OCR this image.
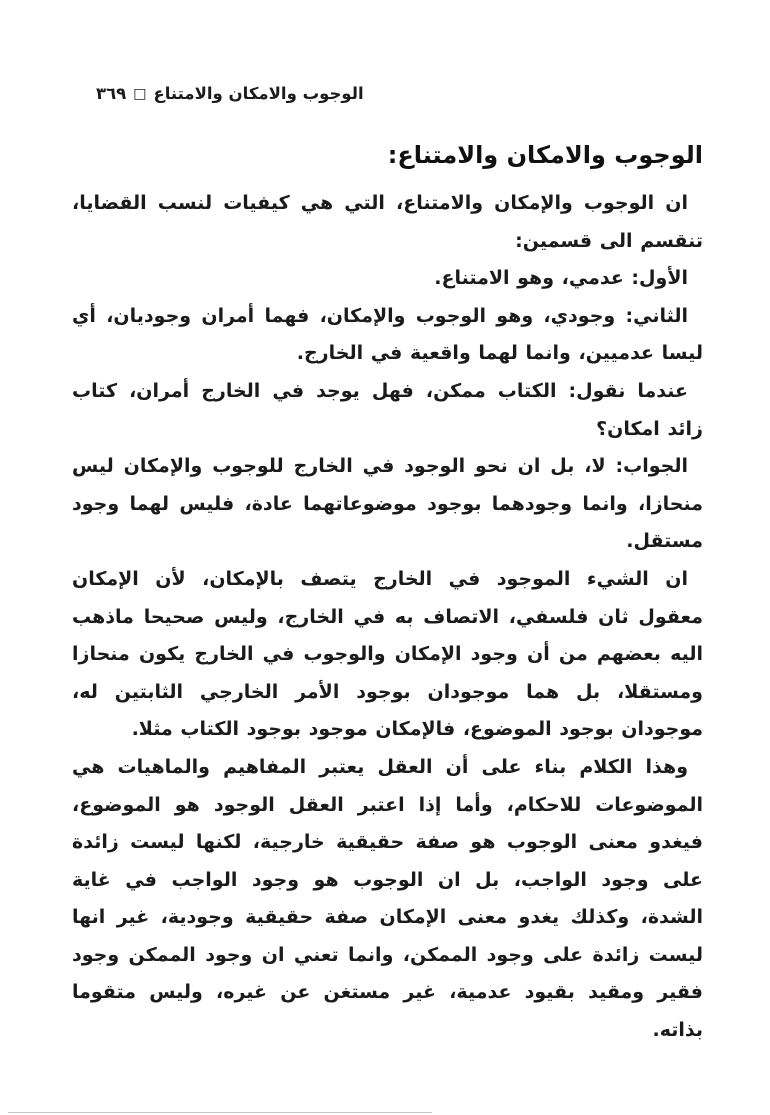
الوجوب والامكان والامتناع□٣٦٩
الوجوب والامكان والامتناع:

ان الوجوب والإمكان والامتناع، التي هي كيفيات لنسب القضايا، تنقسم الى قسمين:

الأول: عدمي، وهو الامتناع.

الثاني: وجودي، وهو الوجوب والإمكان، فهما أمران وجوديان، أي ليسا عدميين، وانما لهما واقعية في الخارج.

عندما نقول: الكتاب ممكن، فهل يوجد في الخارج أمران، كتاب زائد امكان؟

الجواب: لا، بل ان نحو الوجود في الخارج للوجوب والإمكان ليس منحازا، وانما وجودهما بوجود موضوعاتهما عادة، فليس لهما وجود مستقل.

ان الشيء الموجود في الخارج يتصف بالإمكان، لأن الإمكان معقول ثان فلسفي، الاتصاف به في الخارج، وليس صحيحا ماذهب اليه بعضهم من أن وجود الإمكان والوجوب في الخارج يكون منحازا ومستقلا، بل هما موجودان بوجود الأمر الخارجي الثابتين له، موجودان بوجود الموضوع، فالإمكان موجود بوجود الكتاب مثلا.

وهذا الكلام بناء على أن العقل يعتبر المفاهيم والماهيات هي الموضوعات للاحكام، وأما إذا اعتبر العقل الوجود هو الموضوع، فيغدو معنى الوجوب هو صفة حقيقية خارجية، لكنها ليست زائدة على وجود الواجب، بل ان الوجوب هو وجود الواجب في غاية الشدة، وكذلك يغدو معنى الإمكان صفة حقيقية وجودية، غير انها ليست زائدة على وجود الممكن، وانما تعني ان وجود الممكن وجود فقير ومقيد بقيود عدمية، غير مستغن عن غيره، وليس متقوما بذاته.
